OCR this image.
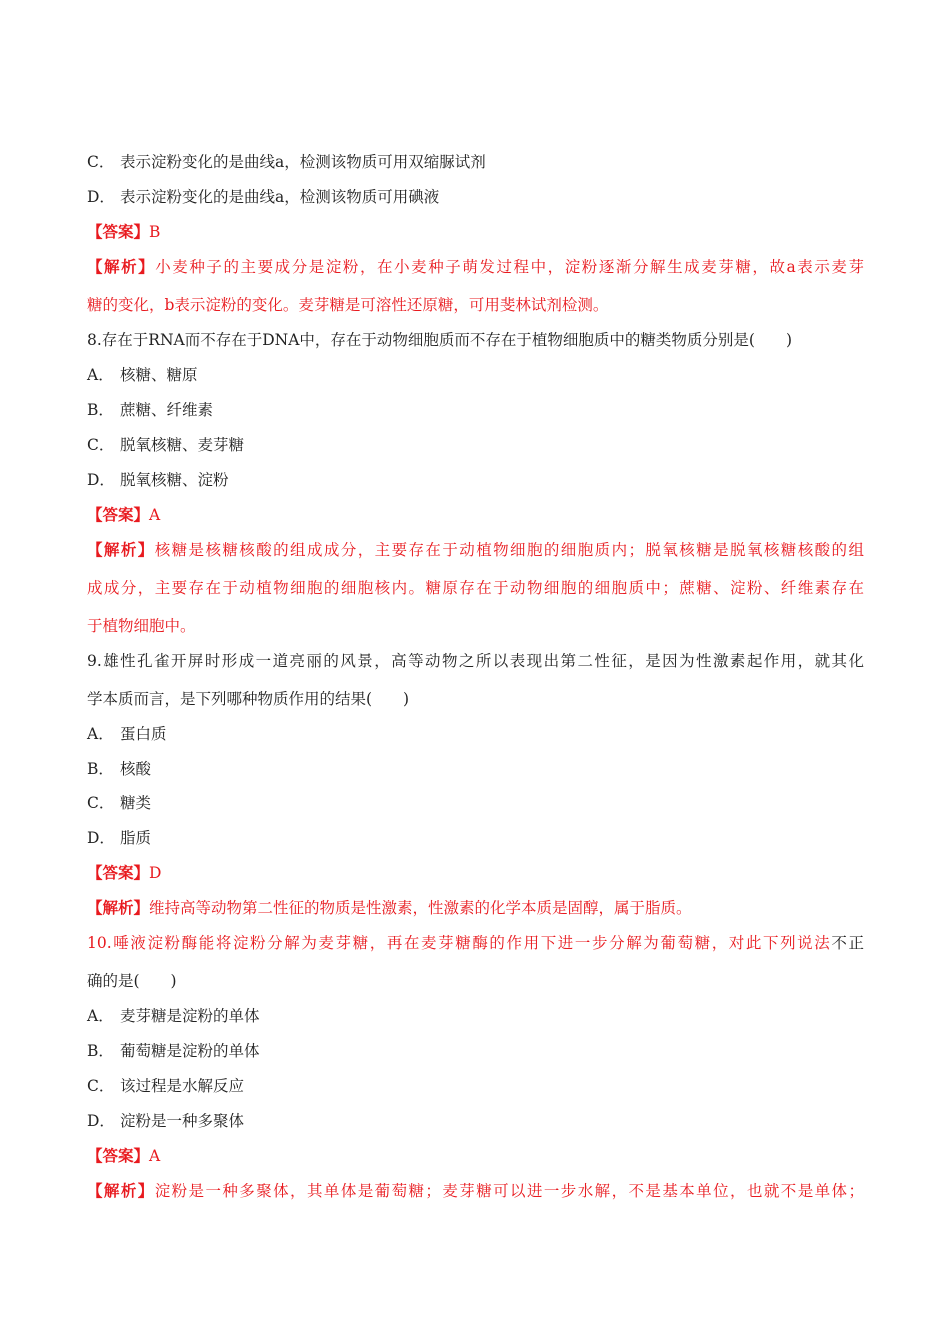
C． 表示淀粉变化的是曲线a，检测该物质可用双缩脲试剂
D． 表示淀粉变化的是曲线a，检测该物质可用碘液
【答案】B
【解析】小麦种子的主要成分是淀粉，在小麦种子萌发过程中，淀粉逐渐分解生成麦芽糖，故a表示麦芽
糖的变化，b表示淀粉的变化。麦芽糖是可溶性还原糖，可用斐林试剂检测。
8.存在于RNA而不存在于DNA中，存在于动物细胞质而不存在于植物细胞质中的糖类物质分别是(　　)
A． 核糖、糖原
B． 蔗糖、纤维素
C． 脱氧核糖、麦芽糖
D． 脱氧核糖、淀粉
【答案】A
【解析】核糖是核糖核酸的组成成分，主要存在于动植物细胞的细胞质内；脱氧核糖是脱氧核糖核酸的组
成成分，主要存在于动植物细胞的细胞核内。糖原存在于动物细胞的细胞质中；蔗糖、淀粉、纤维素存在
于植物细胞中。
9.雄性孔雀开屏时形成一道亮丽的风景，高等动物之所以表现出第二性征，是因为性激素起作用，就其化
学本质而言，是下列哪种物质作用的结果(　　)
A． 蛋白质
B． 核酸
C． 糖类
D． 脂质
【答案】D
【解析】维持高等动物第二性征的物质是性激素，性激素的化学本质是固醇，属于脂质。
10.唾液淀粉酶能将淀粉分解为麦芽糖，再在麦芽糖酶的作用下进一步分解为葡萄糖，对此下列说法不正
确的是(　　)
A． 麦芽糖是淀粉的单体
B． 葡萄糖是淀粉的单体
C． 该过程是水解反应
D． 淀粉是一种多聚体
【答案】A
【解析】淀粉是一种多聚体，其单体是葡萄糖；麦芽糖可以进一步水解，不是基本单位，也就不是单体；
